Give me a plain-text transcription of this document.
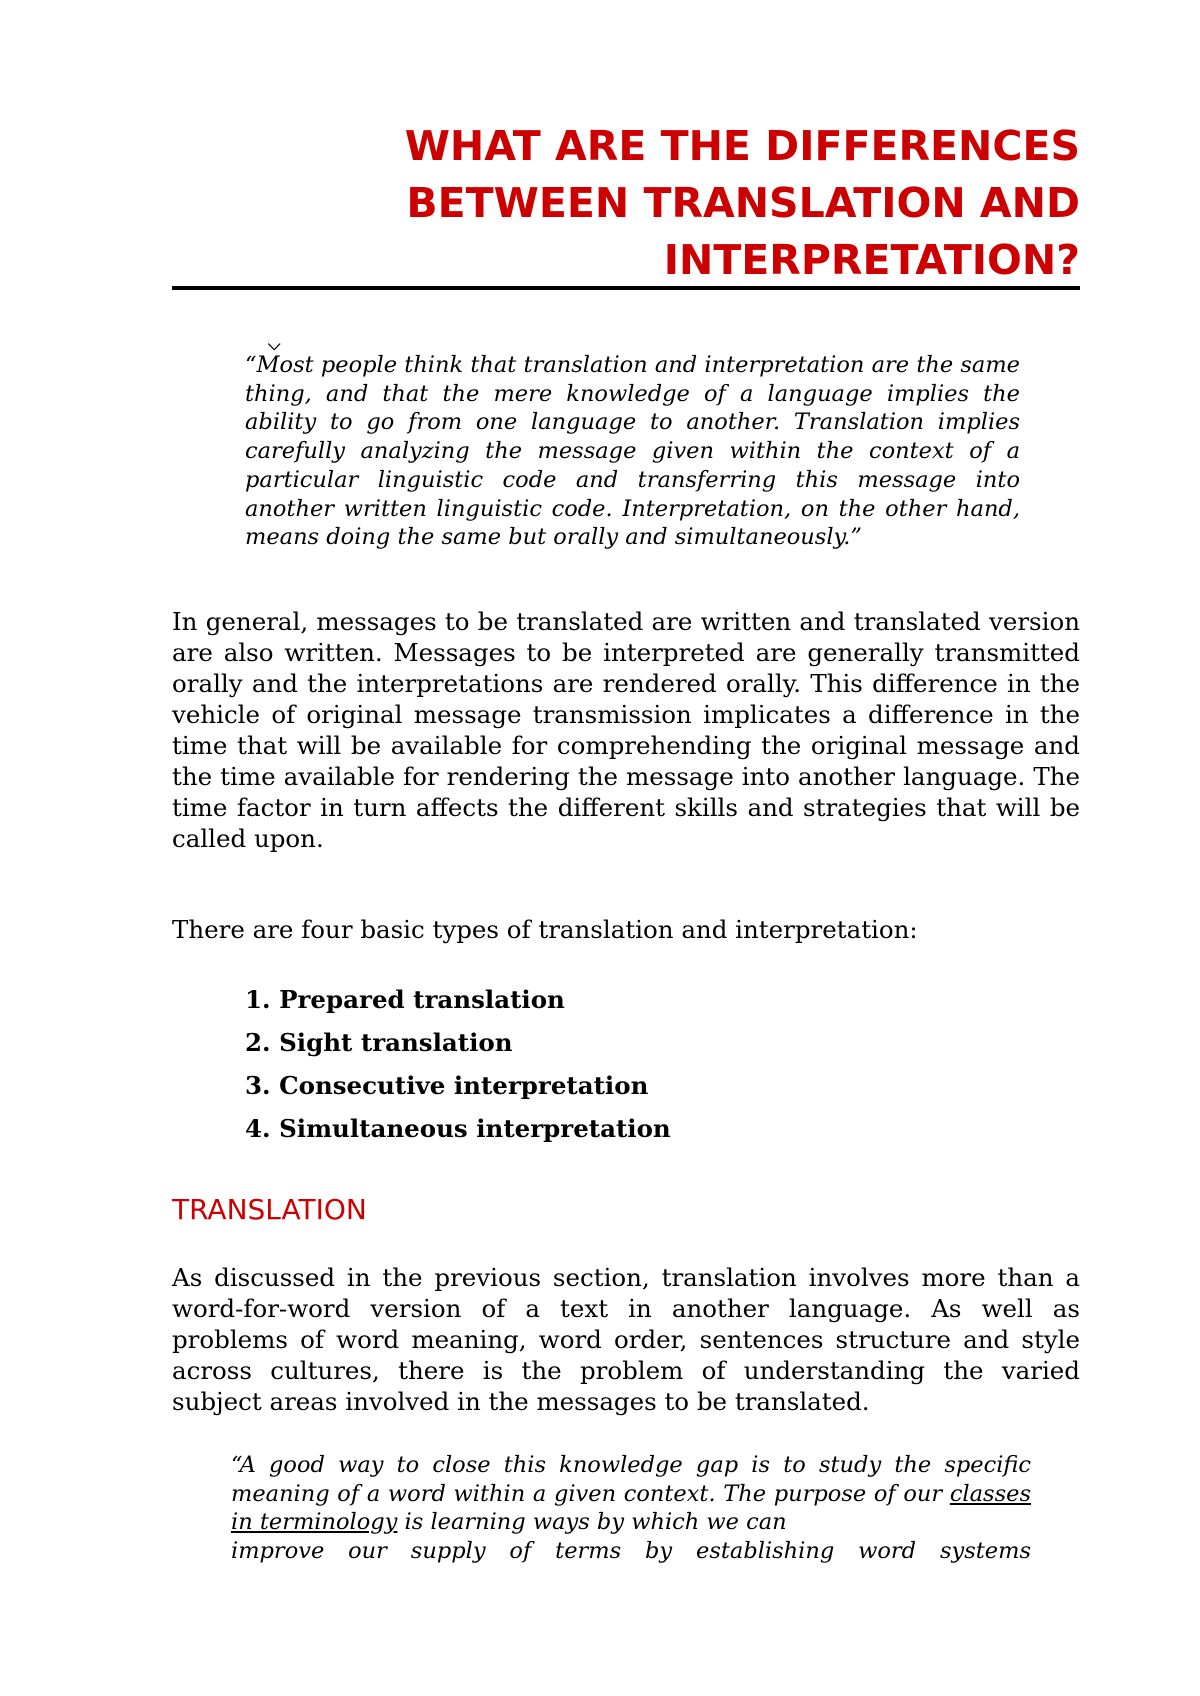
WHAT ARE THE DIFFERENCES
BETWEEN TRANSLATION AND
INTERPRETATION?
⌵

“Most people think that translation and interpretation are the same thing, and that the mere knowledge of a language implies the ability to go from one language to another. Translation implies carefully analyzing the message given within the context of a particular linguistic code and transferring this message into another written linguistic code. Interpretation, on the other hand, means doing the same but orally and simultaneously.”

In general, messages to be translated are written and translated version are also written. Messages to be interpreted are generally transmitted orally and the interpretations are rendered orally. This difference in the vehicle of original message transmission implicates a difference in the time that will be available for comprehending the original message and the time available for rendering the message into another language. The time factor in turn affects the different skills and strategies that will be called upon.

There are four basic types of translation and interpretation:

1. Prepared translation
2. Sight translation
3. Consecutive interpretation
4. Simultaneous interpretation
TRANSLATION

As discussed in the previous section, translation involves more than a word-for-word version of a text in another language. As well as problems of word meaning, word order, sentences structure and style across cultures, there is the problem of understanding the varied subject areas involved in the messages to be translated.

“A good way to close this knowledge gap is to study the specific meaning of a word within a given context. The purpose of our classes in terminology is learning ways by which we can
improve our supply of terms by establishing word systems
